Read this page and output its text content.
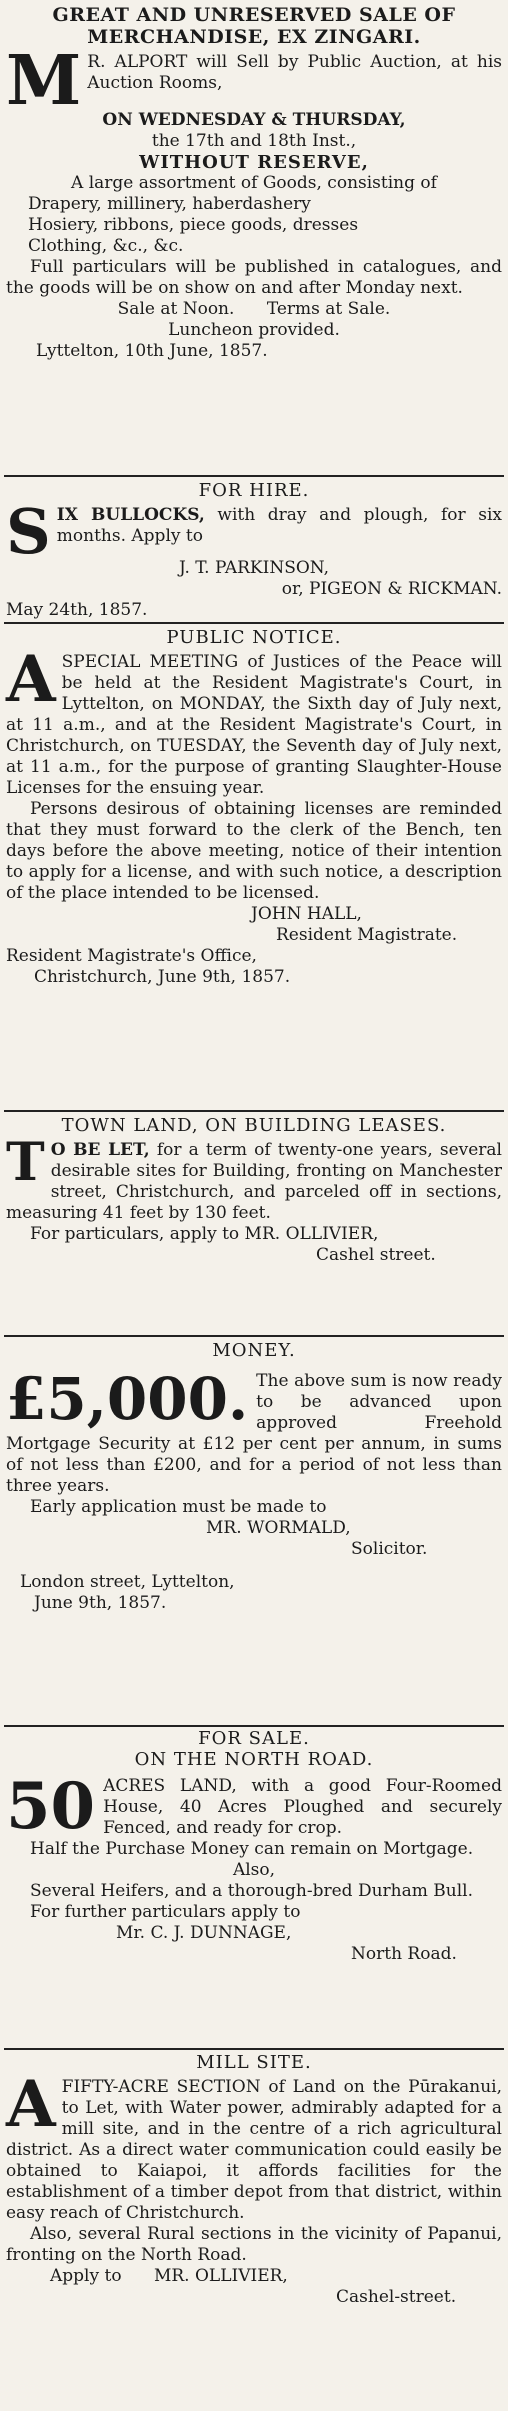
GREAT AND UNRESERVED SALE OF
MERCHANDISE, EX ZINGARI.
M R. ALPORT will Sell by Public Auction, at his Auction Rooms,
ON WEDNESDAY & THURSDAY,
the 17th and 18th Inst.,
WITHOUT RESERVE,
A large assortment of Goods, consisting of
Drapery, millinery, haberdashery
Hosiery, ribbons, piece goods, dresses
Clothing, &c., &c.
Full particulars will be published in catalogues, and the goods will be on show on and after Monday next.
Sale at Noon.      Terms at Sale.
Luncheon provided.
Lyttelton, 10th June, 1857.
FOR HIRE.
S IX BULLOCKS, with dray and plough, for six months. Apply to
J. T. PARKINSON,
or, PIGEON & RICKMAN.
May 24th, 1857.
PUBLIC NOTICE.
A SPECIAL MEETING of Justices of the Peace will be held at the Resident Magistrate's Court, in Lyttelton, on MONDAY, the Sixth day of July next, at 11 a.m., and at the Resident Magistrate's Court, in Christchurch, on TUESDAY, the Seventh day of July next, at 11 a.m., for the purpose of granting Slaughter-House Licenses for the ensuing year.
Persons desirous of obtaining licenses are reminded that they must forward to the clerk of the Bench, ten days before the above meeting, notice of their intention to apply for a license, and with such notice, a description of the place intended to be licensed.
JOHN HALL,
Resident Magistrate.
Resident Magistrate's Office,
Christchurch, June 9th, 1857.
TOWN LAND, ON BUILDING LEASES.
T O BE LET, for a term of twenty-one years, several desirable sites for Building, fronting on Manchester street, Christchurch, and parceled off in sections, measuring 41 feet by 130 feet.
For particulars, apply to MR. OLLIVIER,
Cashel street.
MONEY.
£5,000. The above sum is now ready to be advanced upon approved Freehold Mortgage Security at £12 per cent per annum, in sums of not less than £200, and for a period of not less than three years.
Early application must be made to
MR. WORMALD,
Solicitor.
London street, Lyttelton,
June 9th, 1857.
FOR SALE.
ON THE NORTH ROAD.
50 ACRES LAND, with a good Four-Roomed House, 40 Acres Ploughed and securely Fenced, and ready for crop.
Half the Purchase Money can remain on Mortgage.
Also,
Several Heifers, and a thorough-bred Durham Bull.
For further particulars apply to
Mr. C. J. DUNNAGE,
North Road.
MILL SITE.
A FIFTY-ACRE SECTION of Land on the Pūrakanui, to Let, with Water power, admirably adapted for a mill site, and in the centre of a rich agricultural district. As a direct water communication could easily be obtained to Kaiapoi, it affords facilities for the establishment of a timber depot from that district, within easy reach of Christchurch.
Also, several Rural sections in the vicinity of Papanui, fronting on the North Road.
Apply to      MR. OLLIVIER,
Cashel-street.
